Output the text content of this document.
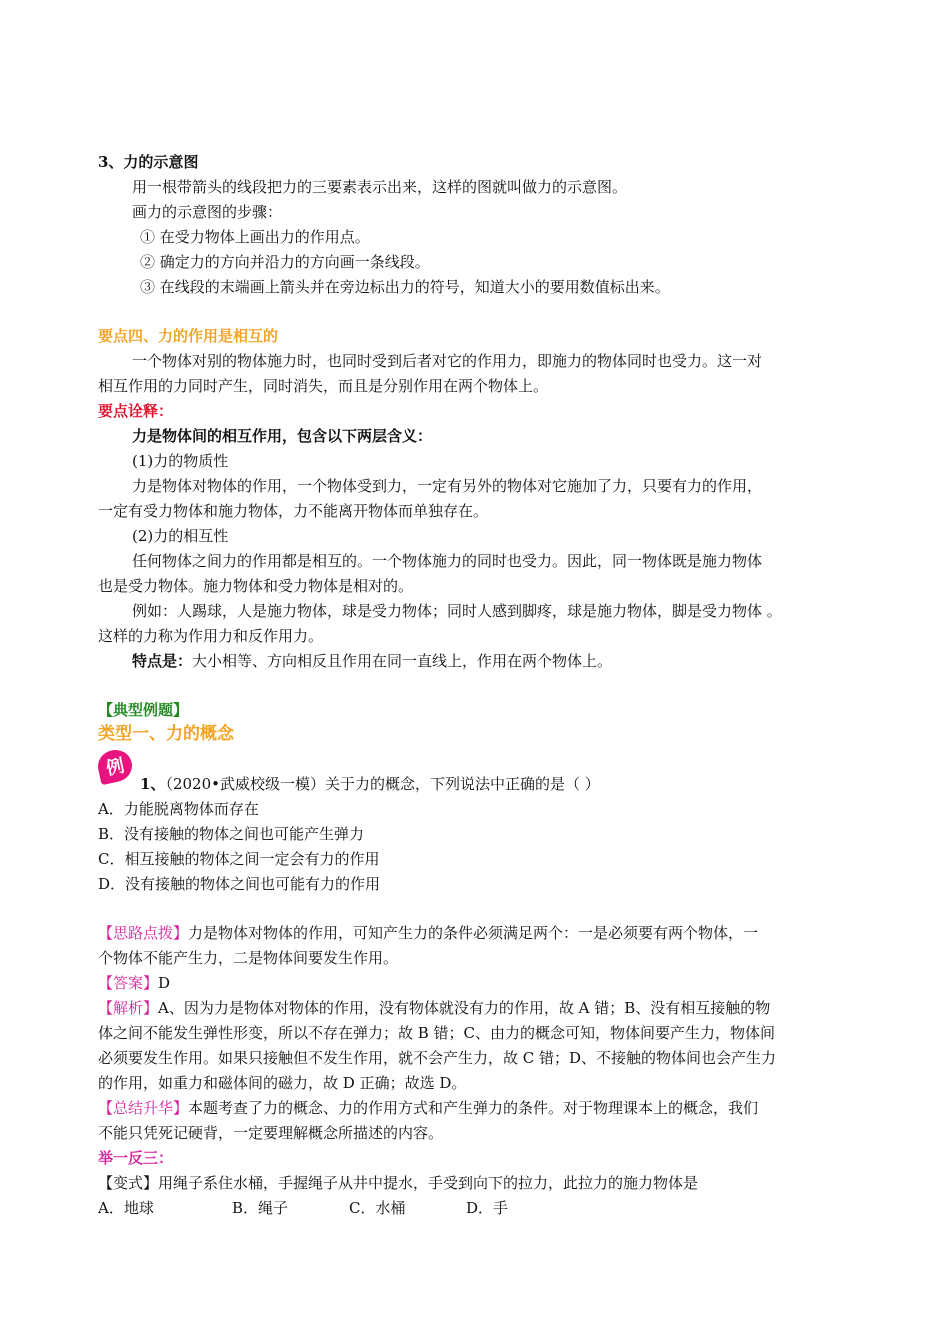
3、力的示意图
用一根带箭头的线段把力的三要素表示出来，这样的图就叫做力的示意图。
画力的示意图的步骤：
① 在受力物体上画出力的作用点。
② 确定力的方向并沿力的方向画一条线段。
③ 在线段的末端画上箭头并在旁边标出力的符号，知道大小的要用数值标出来。
要点四、力的作用是相互的
一个物体对别的物体施力时，也同时受到后者对它的作用力，即施力的物体同时也受力。这一对
相互作用的力同时产生，同时消失，而且是分别作用在两个物体上。
要点诠释：
力是物体间的相互作用，包含以下两层含义：
(1)力的物质性
力是物体对物体的作用，一个物体受到力，一定有另外的物体对它施加了力，只要有力的作用，
一定有受力物体和施力物体，力不能离开物体而单独存在。
(2)力的相互性
任何物体之间力的作用都是相互的。一个物体施力的同时也受力。因此，同一物体既是施力物体
也是受力物体。施力物体和受力物体是相对的。
例如：人踢球，人是施力物体，球是受力物体；同时人感到脚疼，球是施力物体，脚是受力物体 。
这样的力称为作用力和反作用力。
特点是：大小相等、方向相反且作用在同一直线上，作用在两个物体上。
【典型例题】
类型一、力的概念
例
1、（2020•武威校级一模）关于力的概念，下列说法中正确的是（ ）
A．力能脱离物体而存在
B．没有接触的物体之间也可能产生弹力
C．相互接触的物体之间一定会有力的作用
D．没有接触的物体之间也可能有力的作用
【思路点拨】力是物体对物体的作用，可知产生力的条件必须满足两个：一是必须要有两个物体，一
个物体不能产生力，二是物体间要发生作用。
【答案】D
【解析】A、因为力是物体对物体的作用，没有物体就没有力的作用，故 A 错；B、没有相互接触的物
体之间不能发生弹性形变，所以不存在弹力；故 B 错；C、由力的概念可知，物体间要产生力，物体间
必须要发生作用。如果只接触但不发生作用，就不会产生力，故 C 错；D、不接触的物体间也会产生力
的作用，如重力和磁体间的磁力，故 D 正确；故选 D。
【总结升华】本题考查了力的概念、力的作用方式和产生弹力的条件。对于物理课本上的概念，我们
不能只凭死记硬背，一定要理解概念所描述的内容。
举一反三：
【变式】用绳子系住水桶，手握绳子从井中提水，手受到向下的拉力，此拉力的施力物体是
A．地球	B．绳子	C．水桶	D．手
